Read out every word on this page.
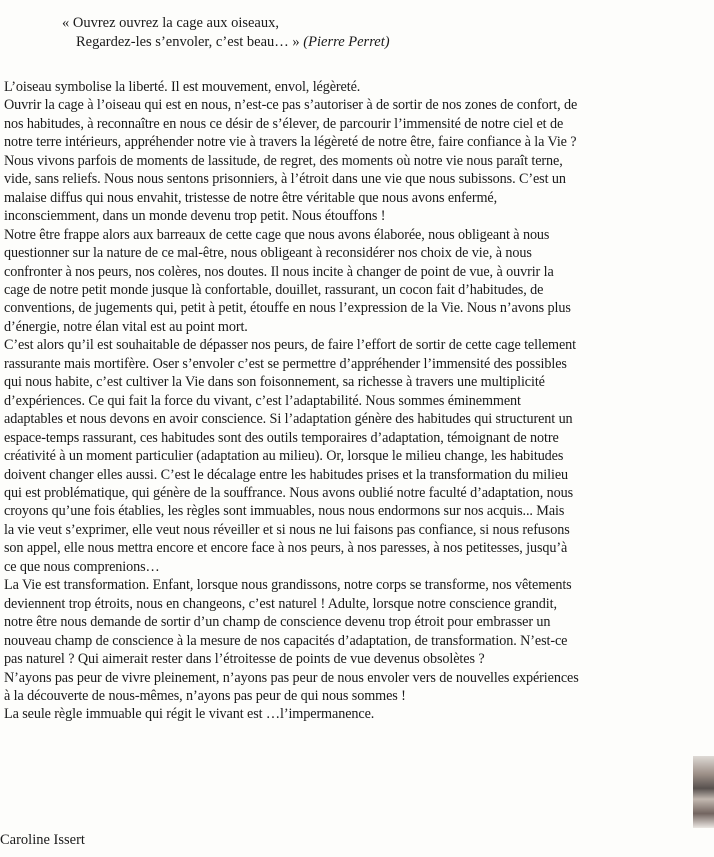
« Ouvrez ouvrez la cage aux oiseaux,
Regardez-les s’envoler, c’est beau… » (Pierre Perret)
L’oiseau symbolise la liberté. Il est mouvement, envol, légèreté.
Ouvrir la cage à l’oiseau qui est en nous, n’est-ce pas s’autoriser à de sortir de nos zones de confort, de
nos habitudes, à reconnaître en nous ce désir de s’élever, de parcourir l’immensité de notre ciel et de
notre terre intérieurs, appréhender notre vie à travers la légèreté de notre être, faire confiance à la Vie ?
Nous vivons parfois de moments de lassitude, de regret, des moments où notre vie nous paraît terne,
vide, sans reliefs. Nous nous sentons prisonniers, à l’étroit dans une vie que nous subissons. C’est un
malaise diffus qui nous envahit, tristesse de notre être véritable que nous avons enfermé,
inconsciemment, dans un monde devenu trop petit. Nous étouffons !
Notre être frappe alors aux barreaux de cette cage que nous avons élaborée, nous obligeant à nous
questionner sur la nature de ce mal-être, nous obligeant à reconsidérer nos choix de vie, à nous
confronter à nos peurs, nos colères, nos doutes. Il nous incite à changer de point de vue, à ouvrir la
cage de notre petit monde jusque là confortable, douillet, rassurant, un cocon fait d’habitudes, de
conventions, de jugements qui, petit à petit, étouffe en nous l’expression de la Vie. Nous n’avons plus
d’énergie, notre élan vital est au point mort.
C’est alors qu’il est souhaitable de dépasser nos peurs, de faire l’effort de sortir de cette cage tellement
rassurante mais mortifère. Oser s’envoler c’est se permettre d’appréhender l’immensité des possibles
qui nous habite, c’est cultiver la Vie dans son foisonnement, sa richesse à travers une multiplicité
d’expériences. Ce qui fait la force du vivant, c’est l’adaptabilité. Nous sommes éminemment
adaptables et nous devons en avoir conscience. Si l’adaptation génère des habitudes qui structurent un
espace-temps rassurant, ces habitudes sont des outils temporaires d’adaptation, témoignant de notre
créativité à un moment particulier (adaptation au milieu). Or, lorsque le milieu change, les habitudes
doivent changer elles aussi. C’est le décalage entre les habitudes prises et la transformation du milieu
qui est problématique, qui génère de la souffrance. Nous avons oublié notre faculté d’adaptation, nous
croyons qu’une fois établies, les règles sont immuables, nous nous endormons sur nos acquis... Mais
la vie veut s’exprimer, elle veut nous réveiller et si nous ne lui faisons pas confiance, si nous refusons
son appel, elle nous mettra encore et encore face à nos peurs, à nos paresses, à nos petitesses, jusqu’à
ce que nous comprenions…
La Vie est transformation. Enfant, lorsque nous grandissons, notre corps se transforme, nos vêtements
deviennent trop étroits, nous en changeons, c’est naturel ! Adulte, lorsque notre conscience grandit,
notre être nous demande de sortir d’un champ de conscience devenu trop étroit pour embrasser un
nouveau champ de conscience à la mesure de nos capacités d’adaptation, de transformation. N’est-ce
pas naturel ? Qui aimerait rester dans l’étroitesse de points de vue devenus obsolètes ?
N’ayons pas peur de vivre pleinement, n’ayons pas peur de nous envoler vers de nouvelles expériences
à la découverte de nous-mêmes, n’ayons pas peur de qui nous sommes !
La seule règle immuable qui régit le vivant est …l’impermanence.
Caroline Issert
